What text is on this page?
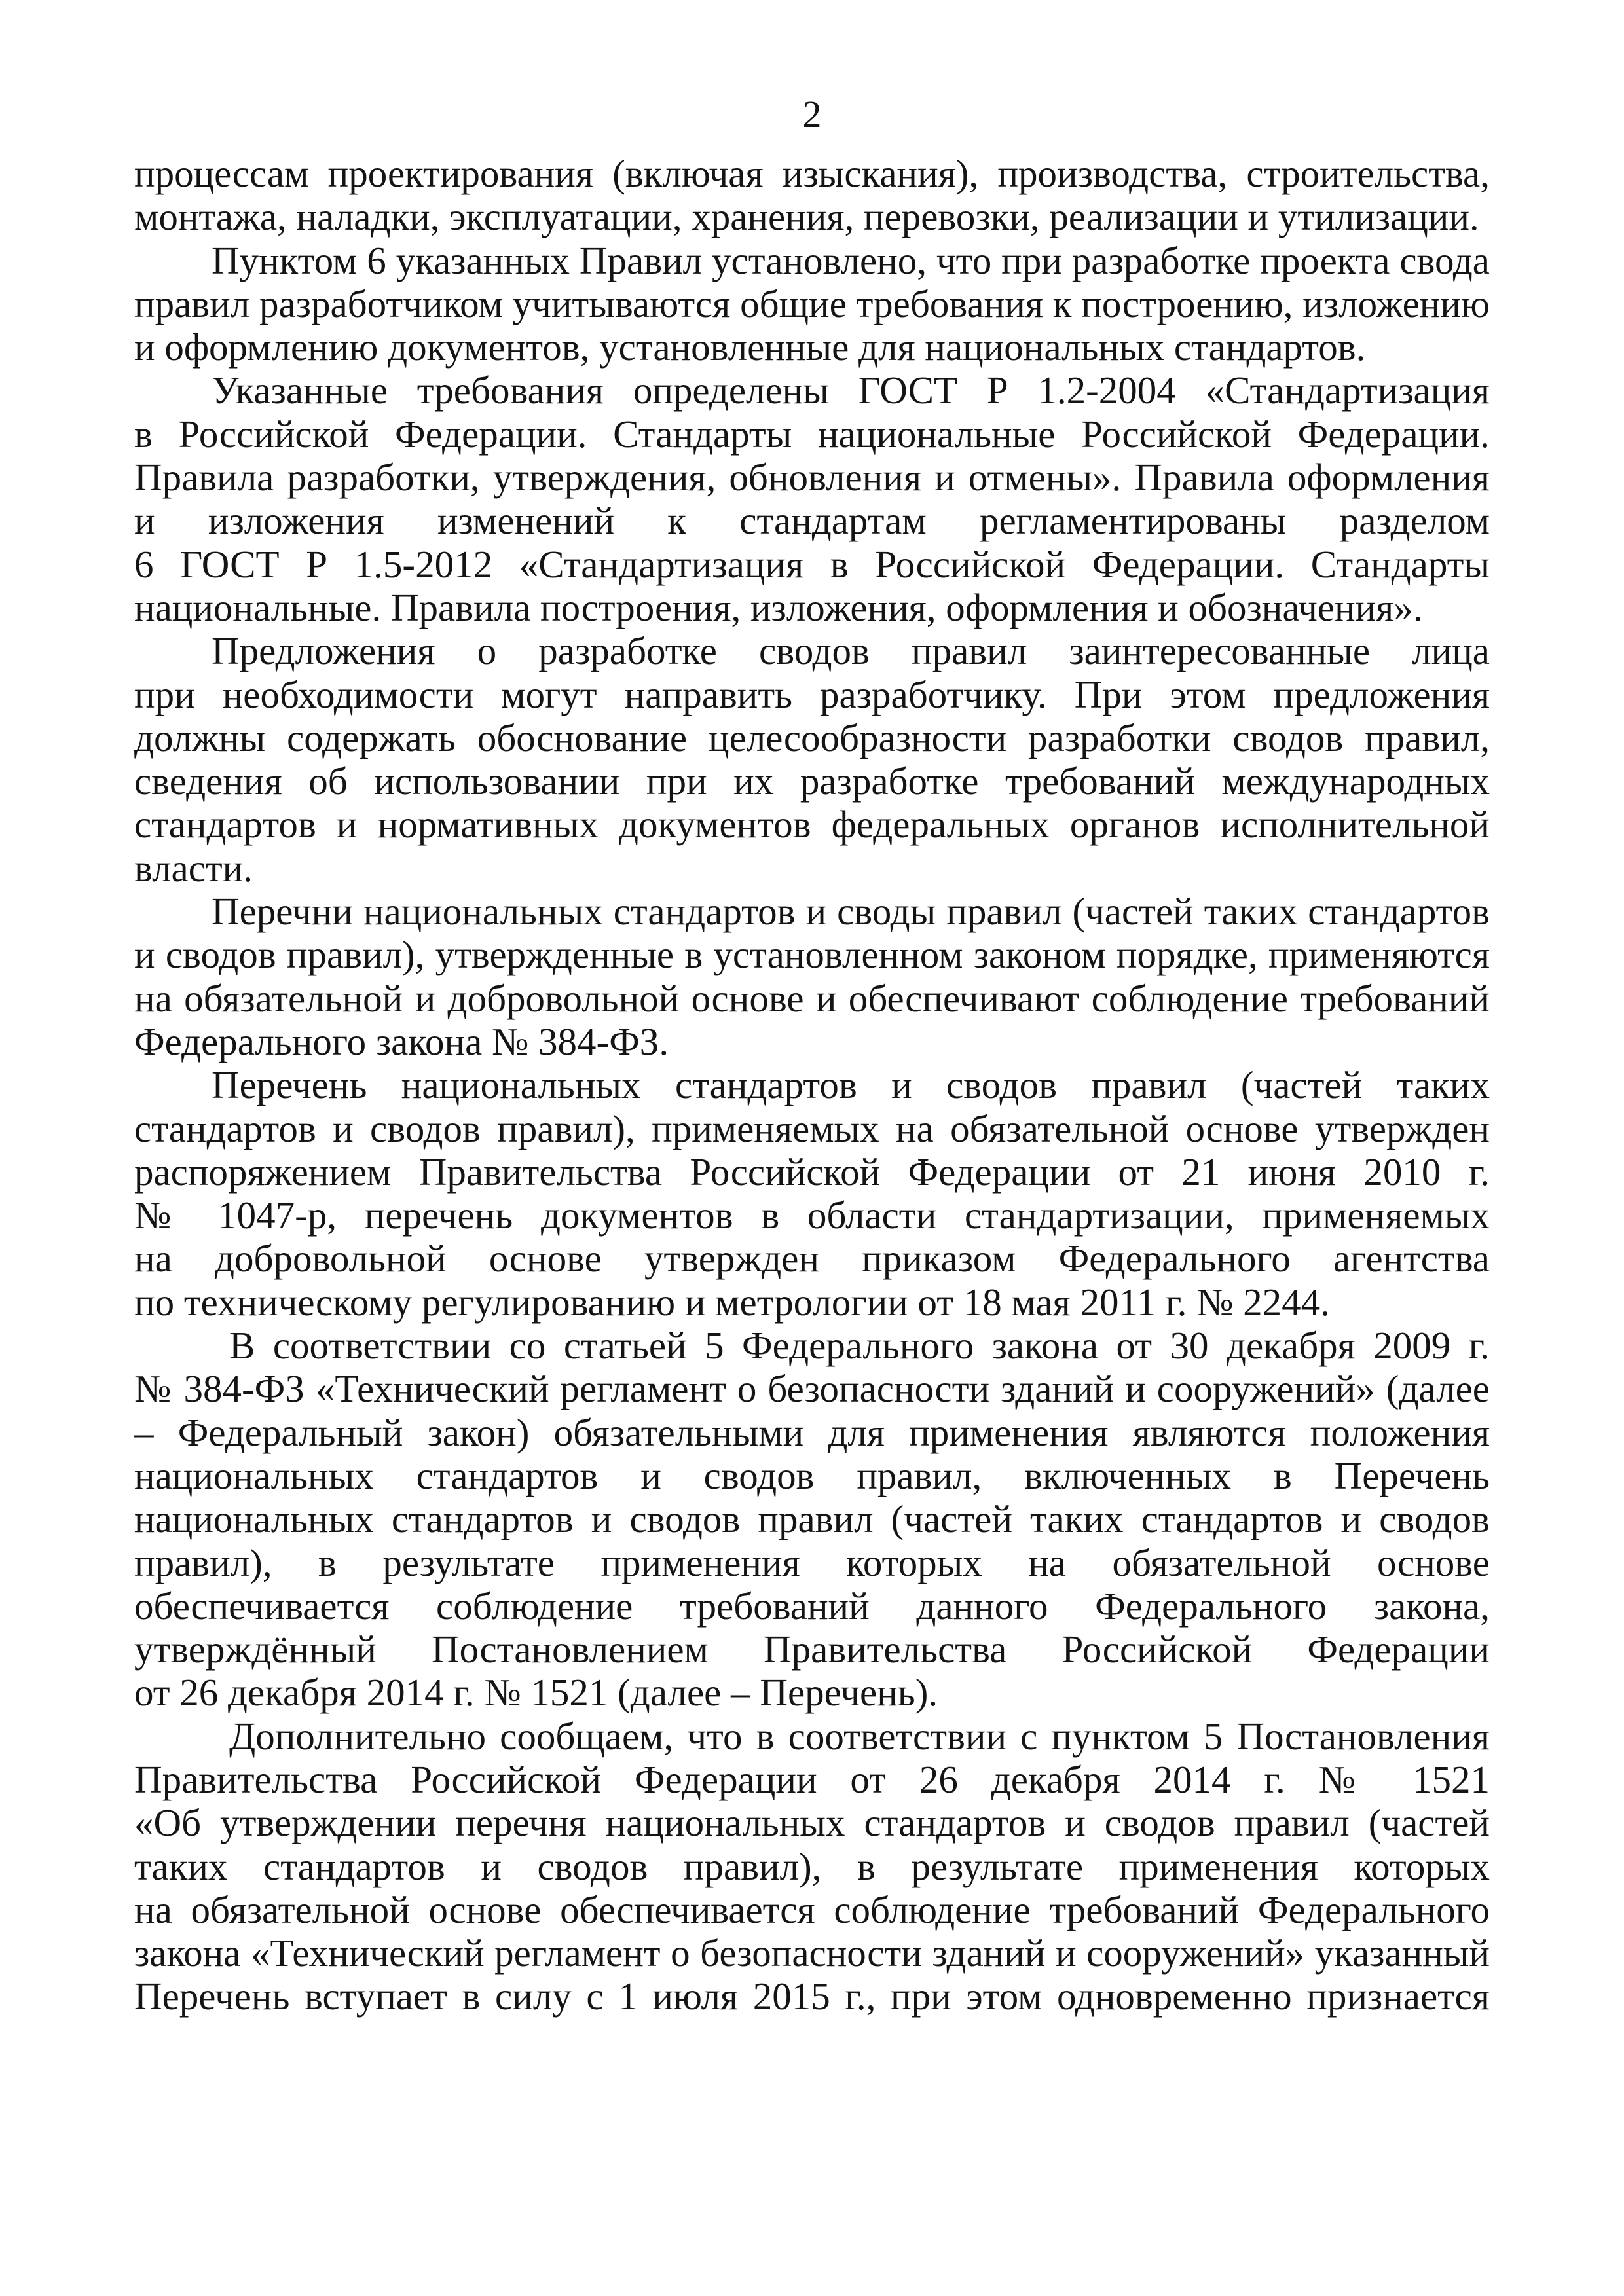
2
процессам проектирования (включая изыскания), производства, строительства,
монтажа, наладки, эксплуатации, хранения, перевозки, реализации и утилизации.
Пунктом 6 указанных Правил установлено, что при разработке проекта свода
правил разработчиком учитываются общие требования к построению, изложению
и оформлению документов, установленные для национальных стандартов.
Указанные требования определены ГОСТ Р 1.2-2004 «Стандартизация
в Российской Федерации. Стандарты национальные Российской Федерации.
Правила разработки, утверждения, обновления и отмены». Правила оформления
и изложения изменений к стандартам регламентированы разделом
6 ГОСТ Р 1.5-2012 «Стандартизация в Российской Федерации. Стандарты
национальные. Правила построения, изложения, оформления и обозначения».
Предложения о разработке сводов правил заинтересованные лица
при необходимости могут направить разработчику. При этом предложения
должны содержать обоснование целесообразности разработки сводов правил,
сведения об использовании при их разработке требований международных
стандартов и нормативных документов федеральных органов исполнительной
власти.
Перечни национальных стандартов и своды правил (частей таких стандартов
и сводов правил), утвержденные в установленном законом порядке, применяются
на обязательной и добровольной основе и обеспечивают соблюдение требований
Федерального закона № 384-ФЗ.
Перечень национальных стандартов и сводов правил (частей таких
стандартов и сводов правил), применяемых на обязательной основе утвержден
распоряжением Правительства Российской Федерации от 21 июня 2010 г.
№ 1047-р, перечень документов в области стандартизации, применяемых
на добровольной основе утвержден приказом Федерального агентства
по техническому регулированию и метрологии от 18 мая 2011 г. № 2244.
В соответствии со статьей 5 Федерального закона от 30 декабря 2009 г.
№ 384-ФЗ «Технический регламент о безопасности зданий и сооружений» (далее
– Федеральный закон) обязательными для применения являются положения
национальных стандартов и сводов правил, включенных в Перечень
национальных стандартов и сводов правил (частей таких стандартов и сводов
правил), в результате применения которых на обязательной основе
обеспечивается соблюдение требований данного Федерального закона,
утверждённый Постановлением Правительства Российской Федерации
от 26 декабря 2014 г. № 1521 (далее – Перечень).
Дополнительно сообщаем, что в соответствии с пунктом 5 Постановления
Правительства Российской Федерации от 26 декабря 2014 г. № 1521
«Об утверждении перечня национальных стандартов и сводов правил (частей
таких стандартов и сводов правил), в результате применения которых
на обязательной основе обеспечивается соблюдение требований Федерального
закона «Технический регламент о безопасности зданий и сооружений» указанный
Перечень вступает в силу с 1 июля 2015 г., при этом одновременно признается
